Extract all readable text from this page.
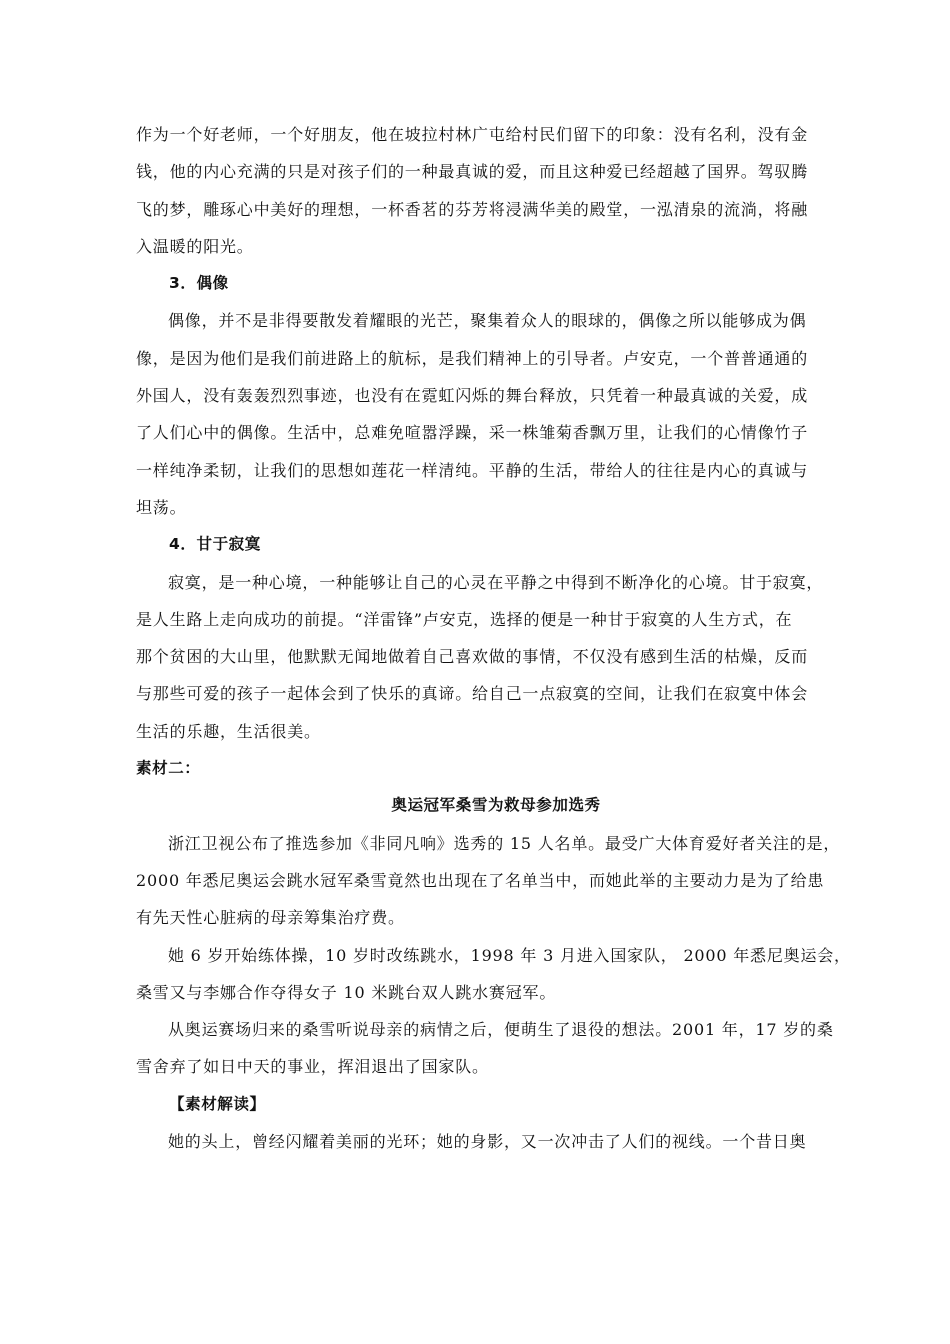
作为一个好老师，一个好朋友，他在坡拉村林广屯给村民们留下的印象：没有名利，没有金
钱，他的内心充满的只是对孩子们的一种最真诚的爱，而且这种爱已经超越了国界。驾驭腾
飞的梦，雕琢心中美好的理想，一杯香茗的芬芳将浸满华美的殿堂，一泓清泉的流淌，将融
入温暖的阳光。
3．偶像
偶像，并不是非得要散发着耀眼的光芒，聚集着众人的眼球的，偶像之所以能够成为偶
像，是因为他们是我们前进路上的航标，是我们精神上的引导者。卢安克，一个普普通通的
外国人，没有轰轰烈烈事迹，也没有在霓虹闪烁的舞台释放，只凭着一种最真诚的关爱，成
了人们心中的偶像。生活中，总难免喧嚣浮躁，采一株雏菊香飘万里，让我们的心情像竹子
一样纯净柔韧，让我们的思想如莲花一样清纯。平静的生活，带给人的往往是内心的真诚与
坦荡。
4．甘于寂寞
寂寞，是一种心境，一种能够让自己的心灵在平静之中得到不断净化的心境。甘于寂寞，
是人生路上走向成功的前提。“洋雷锋”卢安克，选择的便是一种甘于寂寞的人生方式，在
那个贫困的大山里，他默默无闻地做着自己喜欢做的事情，不仅没有感到生活的枯燥，反而
与那些可爱的孩子一起体会到了快乐的真谛。给自己一点寂寞的空间，让我们在寂寞中体会
生活的乐趣，生活很美。
素材二：
奥运冠军桑雪为救母参加选秀
浙江卫视公布了推选参加《非同凡响》选秀的 15 人名单。最受广大体育爱好者关注的是，
2000 年悉尼奥运会跳水冠军桑雪竟然也出现在了名单当中，而她此举的主要动力是为了给患
有先天性心脏病的母亲筹集治疗费。
她 6 岁开始练体操，10 岁时改练跳水，1998 年 3 月进入国家队， 2000 年悉尼奥运会，
桑雪又与李娜合作夺得女子 10 米跳台双人跳水赛冠军。
从奥运赛场归来的桑雪听说母亲的病情之后，便萌生了退役的想法。2001 年，17 岁的桑
雪舍弃了如日中天的事业，挥泪退出了国家队。
【素材解读】
她的头上，曾经闪耀着美丽的光环；她的身影，又一次冲击了人们的视线。一个昔日奥
